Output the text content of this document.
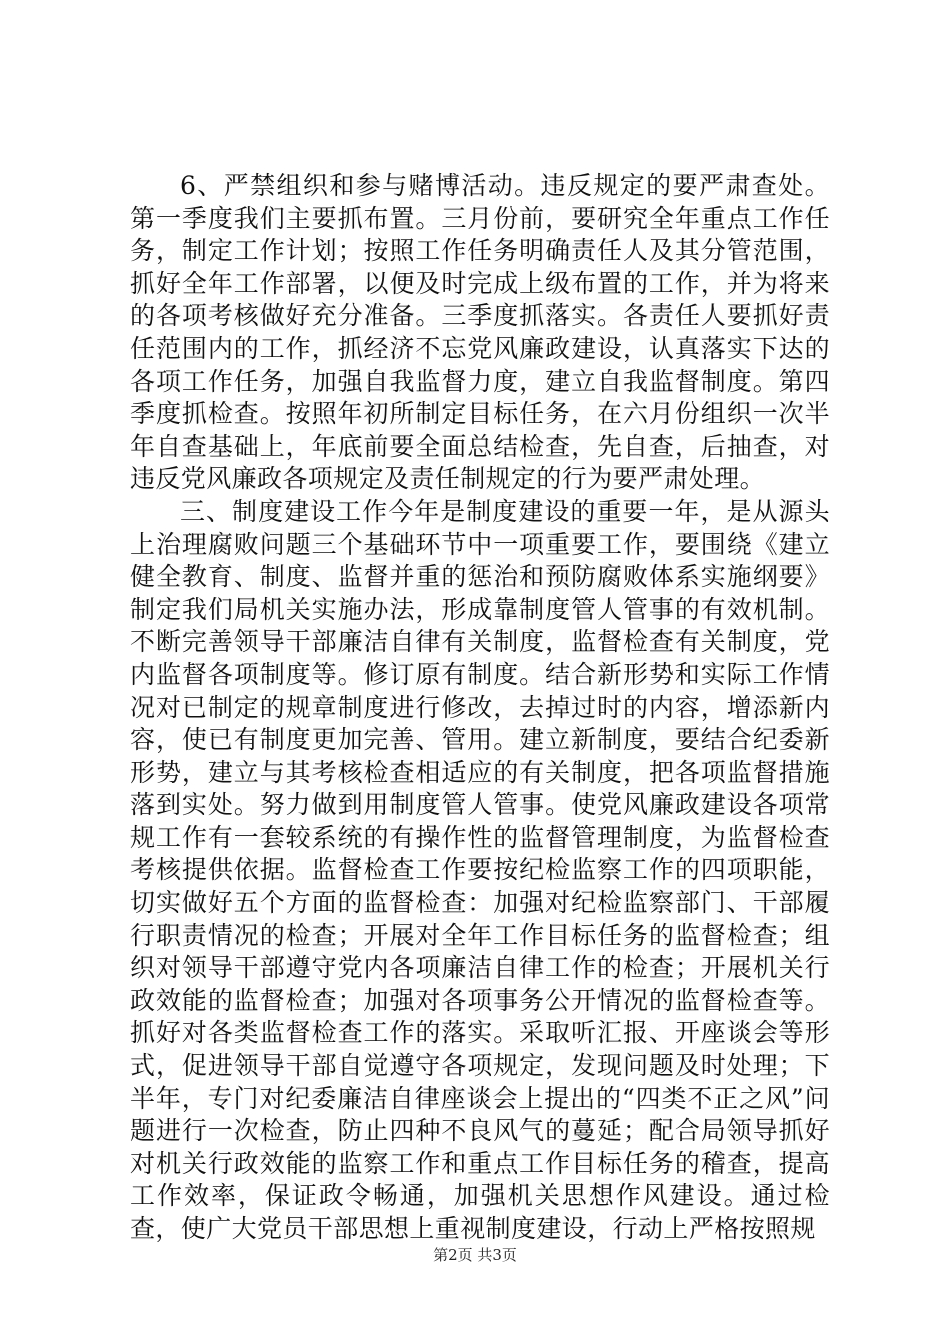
6、严禁组织和参与赌博活动。违反规定的要严肃查处。第一季度我们主要抓布置。三月份前，要研究全年重点工作任务，制定工作计划；按照工作任务明确责任人及其分管范围，抓好全年工作部署，以便及时完成上级布置的工作，并为将来的各项考核做好充分准备。三季度抓落实。各责任人要抓好责任范围内的工作，抓经济不忘党风廉政建设，认真落实下达的各项工作任务，加强自我监督力度，建立自我监督制度。第四季度抓检查。按照年初所制定目标任务，在六月份组织一次半年自查基础上，年底前要全面总结检查，先自查，后抽查，对违反党风廉政各项规定及责任制规定的行为要严肃处理。

三、制度建设工作今年是制度建设的重要一年，是从源头上治理腐败问题三个基础环节中一项重要工作，要围绕《建立健全教育、制度、监督并重的惩治和预防腐败体系实施纲要》制定我们局机关实施办法，形成靠制度管人管事的有效机制。不断完善领导干部廉洁自律有关制度，监督检查有关制度，党内监督各项制度等。修订原有制度。结合新形势和实际工作情况对已制定的规章制度进行修改，去掉过时的内容，增添新内容，使已有制度更加完善、管用。建立新制度，要结合纪委新形势，建立与其考核检查相适应的有关制度，把各项监督措施落到实处。努力做到用制度管人管事。使党风廉政建设各项常规工作有一套较系统的有操作性的监督管理制度，为监督检查考核提供依据。监督检查工作要按纪检监察工作的四项职能，切实做好五个方面的监督检查：加强对纪检监察部门、干部履行职责情况的检查；开展对全年工作目标任务的监督检查；组织对领导干部遵守党内各项廉洁自律工作的检查；开展机关行政效能的监督检查；加强对各项事务公开情况的监督检查等。抓好对各类监督检查工作的落实。采取听汇报、开座谈会等形式，促进领导干部自觉遵守各项规定，发现问题及时处理；下半年，专门对纪委廉洁自律座谈会上提出的“四类不正之风”问题进行一次检查，防止四种不良风气的蔓延；配合局领导抓好对机关行政效能的监察工作和重点工作目标任务的稽查，提高工作效率，保证政令畅通，加强机关思想作风建设。通过检查，使广大党员干部思想上重视制度建设，行动上严格按照规

第2页 共3页
